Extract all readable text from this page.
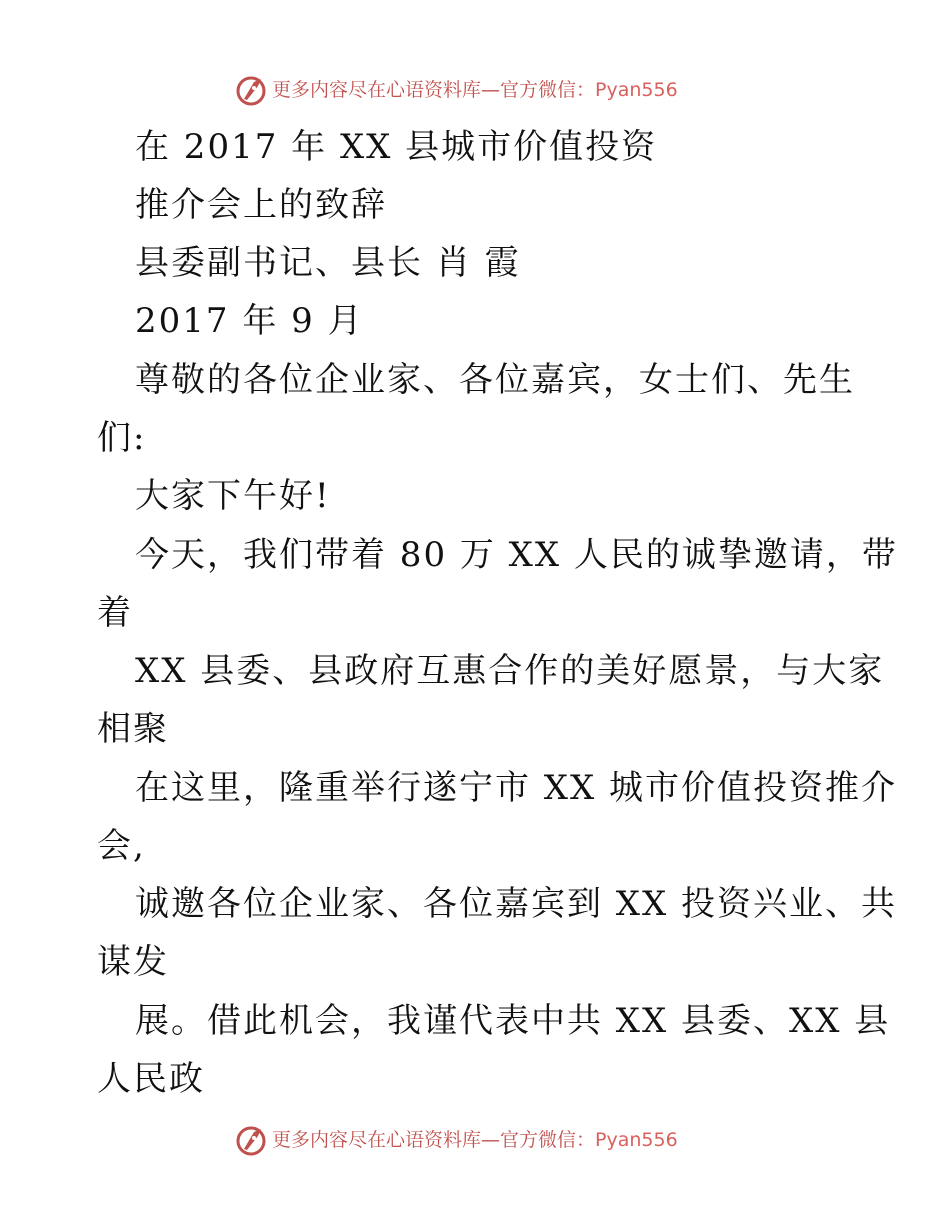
更多内容尽在心语资料库—官方微信：Pyan556
在 2017 年 XX 县城市价值投资
推介会上的致辞
县委副书记、县长 肖 霞
2017 年 9 月
尊敬的各位企业家、各位嘉宾，女士们、先生
们:
大家下午好!
今天，我们带着 80 万 XX 人民的诚挚邀请，带
着
XX 县委、县政府互惠合作的美好愿景，与大家
相聚
在这里，隆重举行遂宁市 XX 城市价值投资推介
会,
诚邀各位企业家、各位嘉宾到 XX 投资兴业、共
谋发
展。借此机会，我谨代表中共 XX 县委、XX 县
人民政
更多内容尽在心语资料库—官方微信：Pyan556
